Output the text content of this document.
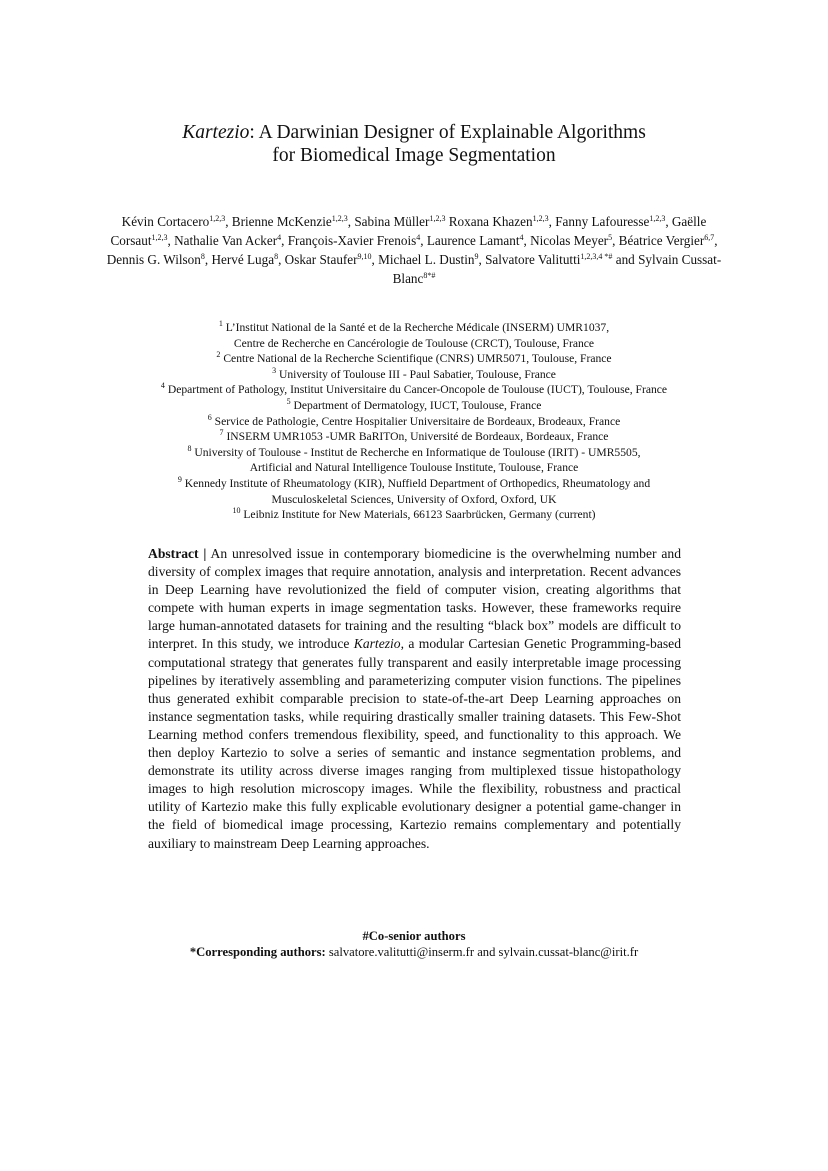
Kartezio: A Darwinian Designer of Explainable Algorithms
for Biomedical Image Segmentation
Kévin Cortacero$^{1,2,3}$, Brienne McKenzie$^{1,2,3}$, Sabina Müller$^{1,2,3}$ Roxana Khazen$^{1,2,3}$, Fanny Lafouresse$^{1,2,3}$, Gaëlle Corsaut$^{1,2,3}$, Nathalie Van Acker$^4$, François-Xavier Frenois$^4$, Laurence Lamant$^4$, Nicolas Meyer$^5$, Béatrice Vergier$^{6,7}$, Dennis G. Wilson$^8$, Hervé Luga$^8$, Oskar Staufer$^{9,10}$, Michael L. Dustin$^9$, Salvatore Valitutti$^{1,2,3,4 *\#}$ and Sylvain Cussat-Blanc$^{8*\#}$
$^1$ L’Institut National de la Santé et de la Recherche Médicale (INSERM) UMR1037,
Centre de Recherche en Cancérologie de Toulouse (CRCT), Toulouse, France
$^2$ Centre National de la Recherche Scientifique (CNRS) UMR5071, Toulouse, France
$^3$ University of Toulouse III - Paul Sabatier, Toulouse, France
$^4$ Department of Pathology, Institut Universitaire du Cancer-Oncopole de Toulouse (IUCT), Toulouse, France
$^5$ Department of Dermatology, IUCT, Toulouse, France
$^6$ Service de Pathologie, Centre Hospitalier Universitaire de Bordeaux, Brodeaux, France
$^7$ INSERM UMR1053 -UMR BaRITOn, Université de Bordeaux, Bordeaux, France
$^8$ University of Toulouse - Institut de Recherche en Informatique de Toulouse (IRIT) - UMR5505,
Artificial and Natural Intelligence Toulouse Institute, Toulouse, France
$^9$ Kennedy Institute of Rheumatology (KIR), Nuffield Department of Orthopedics, Rheumatology and
Musculoskeletal Sciences, University of Oxford, Oxford, UK
$^{10}$ Leibniz Institute for New Materials, 66123 Saarbrücken, Germany (current)
Abstract | An unresolved issue in contemporary biomedicine is the overwhelming number and diversity of complex images that require annotation, analysis and interpretation. Recent advances in Deep Learning have revolutionized the field of computer vision, creating algorithms that compete with human experts in image segmentation tasks. However, these frameworks require large human-annotated datasets for training and the resulting “black box” models are difficult to interpret. In this study, we introduce Kartezio, a modular Cartesian Genetic Programming-based computational strategy that generates fully transparent and easily interpretable image processing pipelines by iteratively assembling and parameterizing computer vision functions. The pipelines thus generated exhibit comparable precision to state-of-the-art Deep Learning approaches on instance segmentation tasks, while requiring drastically smaller training datasets. This Few-Shot Learning method confers tremendous flexibility, speed, and functionality to this approach. We then deploy Kartezio to solve a series of semantic and instance segmentation problems, and demonstrate its utility across diverse images ranging from multiplexed tissue histopathology images to high resolution microscopy images. While the flexibility, robustness and practical utility of Kartezio make this fully explicable evolutionary designer a potential game-changer in the field of biomedical image processing, Kartezio remains complementary and potentially auxiliary to mainstream Deep Learning approaches.
#Co-senior authors
*Corresponding authors: salvatore.valitutti@inserm.fr and sylvain.cussat-blanc@irit.fr
